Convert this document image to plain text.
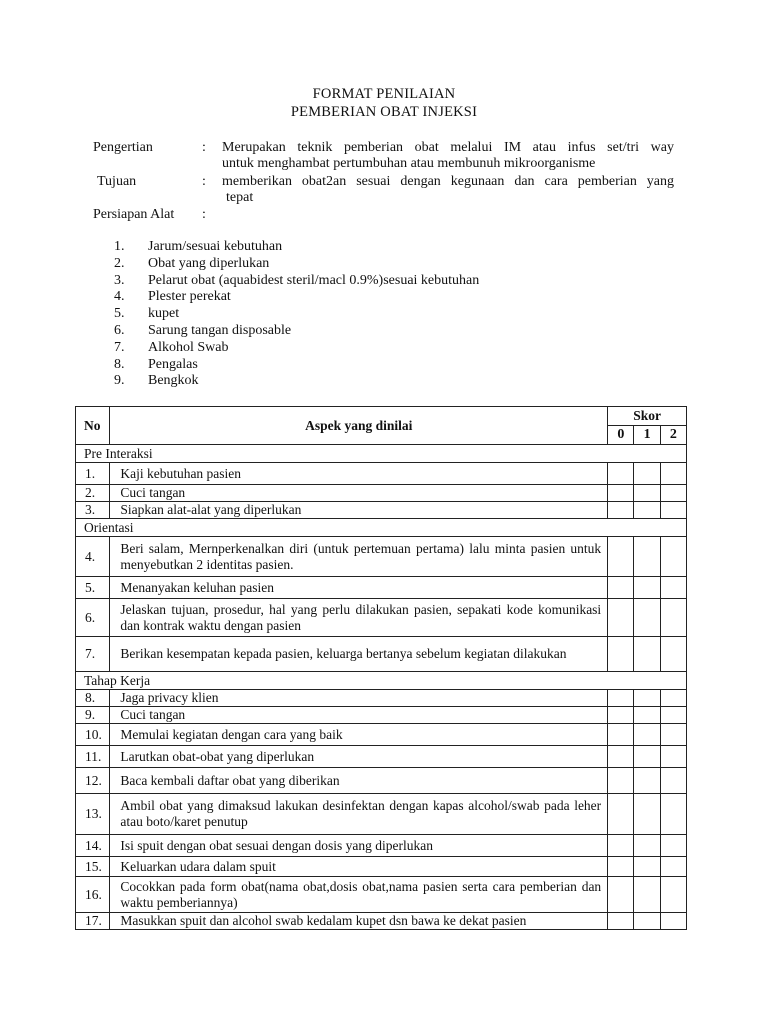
FORMAT PENILAIAN
PEMBERIAN OBAT INJEKSI
Pengertian	: Merupakan teknik pemberian obat melalui IM atau infus set/tri way
untuk menghambat pertumbuhan atau membunuh mikroorganisme
Tujuan	: memberikan obat2an sesuai dengan kegunaan dan cara pemberian yang
tepat
Persiapan Alat :
1. Jarum/sesuai kebutuhan
2. Obat yang diperlukan
3. Pelarut obat (aquabidest steril/macl 0.9%)sesuai kebutuhan
4. Plester perekat
5. kupet
6. Sarung tangan disposable
7. Alkohol Swab
8. Pengalas
9. Bengkok
No	Aspek yang dinilai	Skor		
		0	1	2
Pre Interaksi				
1.	Kaji kebutuhan pasien			
2.	Cuci tangan			
3.	Siapkan alat-alat yang diperlukan			
Orientasi				
4.	Beri salam, Mernperkenalkan diri (untuk pertemuan pertama) lalu minta pasien untuk menyebutkan 2 identitas pasien.			
5.	Menanyakan keluhan pasien			
6.	Jelaskan tujuan, prosedur, hal yang perlu dilakukan pasien, sepakati kode komunikasi dan kontrak waktu dengan pasien			
7.	Berikan kesempatan kepada pasien, keluarga bertanya sebelum kegiatan dilakukan			
Tahap Kerja				
8.	Jaga privacy klien			
9.	Cuci tangan			
10.	Memulai kegiatan dengan cara yang baik			
11.	Larutkan obat-obat yang diperlukan			
12.	Baca kembali daftar obat yang diberikan			
13.	Ambil obat yang dimaksud lakukan desinfektan dengan kapas alcohol/swab pada leher atau boto/karet penutup			
14.	Isi spuit dengan obat sesuai dengan dosis yang diperlukan			
15.	Keluarkan udara dalam spuit			
16.	Cocokkan pada form obat(nama obat,dosis obat,nama pasien serta cara pemberian dan waktu pemberiannya)			
17.	Masukkan spuit dan alcohol swab kedalam kupet dsn bawa ke dekat pasien			
